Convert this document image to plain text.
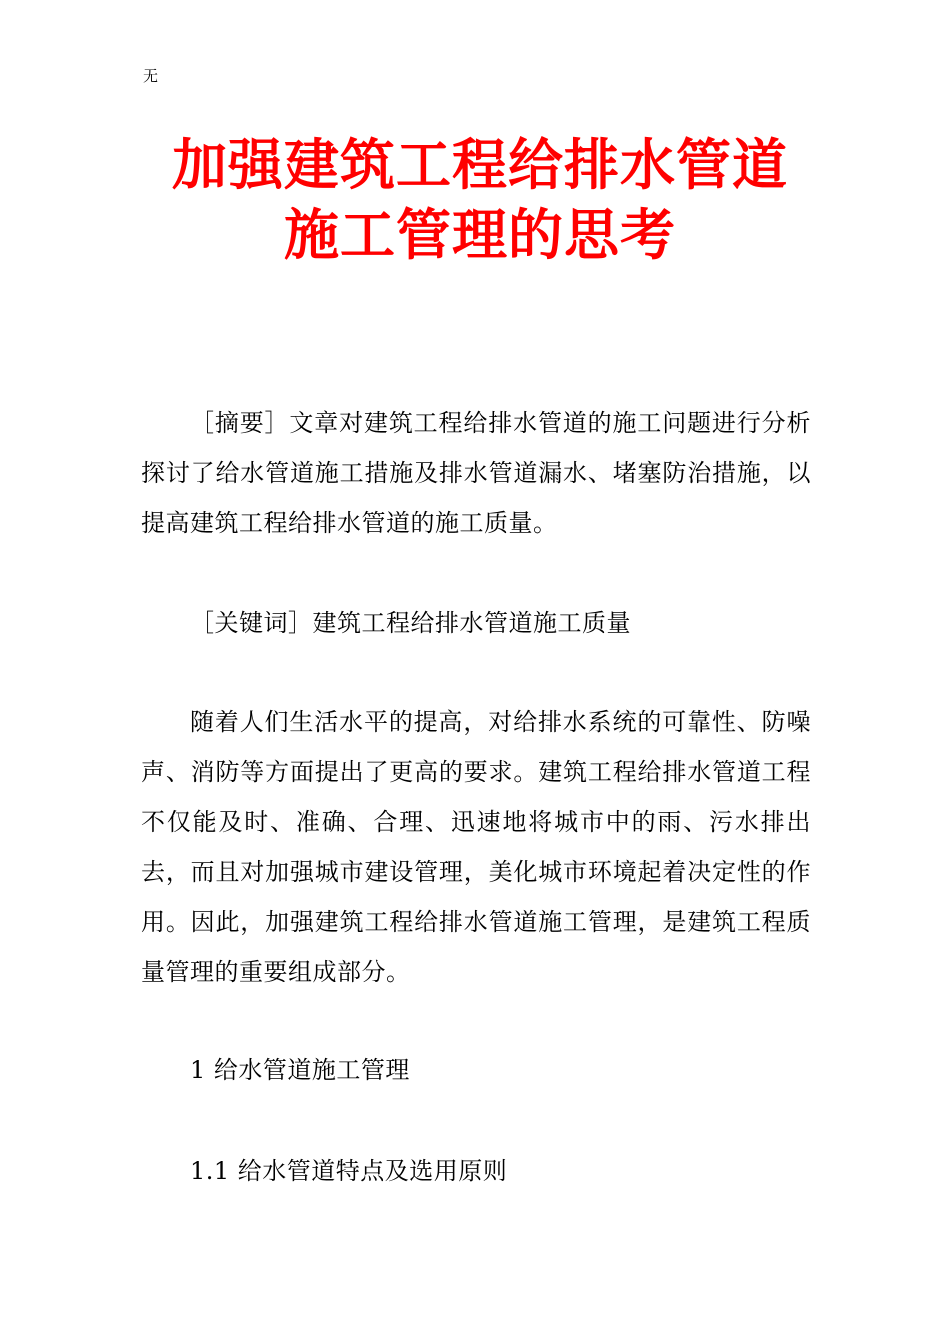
无
加强建筑工程给排水管道
施工管理的思考
［摘要］文章对建筑工程给排水管道的施工问题进行分析探讨了给水管道施工措施及排水管道漏水、堵塞防治措施，以提高建筑工程给排水管道的施工质量。
［关键词］建筑工程给排水管道施工质量
随着人们生活水平的提高，对给排水系统的可靠性、防噪声、消防等方面提出了更高的要求。建筑工程给排水管道工程不仅能及时、准确、合理、迅速地将城市中的雨、污水排出去，而且对加强城市建设管理，美化城市环境起着决定性的作用。因此，加强建筑工程给排水管道施工管理，是建筑工程质量管理的重要组成部分。
1 给水管道施工管理
1.1 给水管道特点及选用原则
